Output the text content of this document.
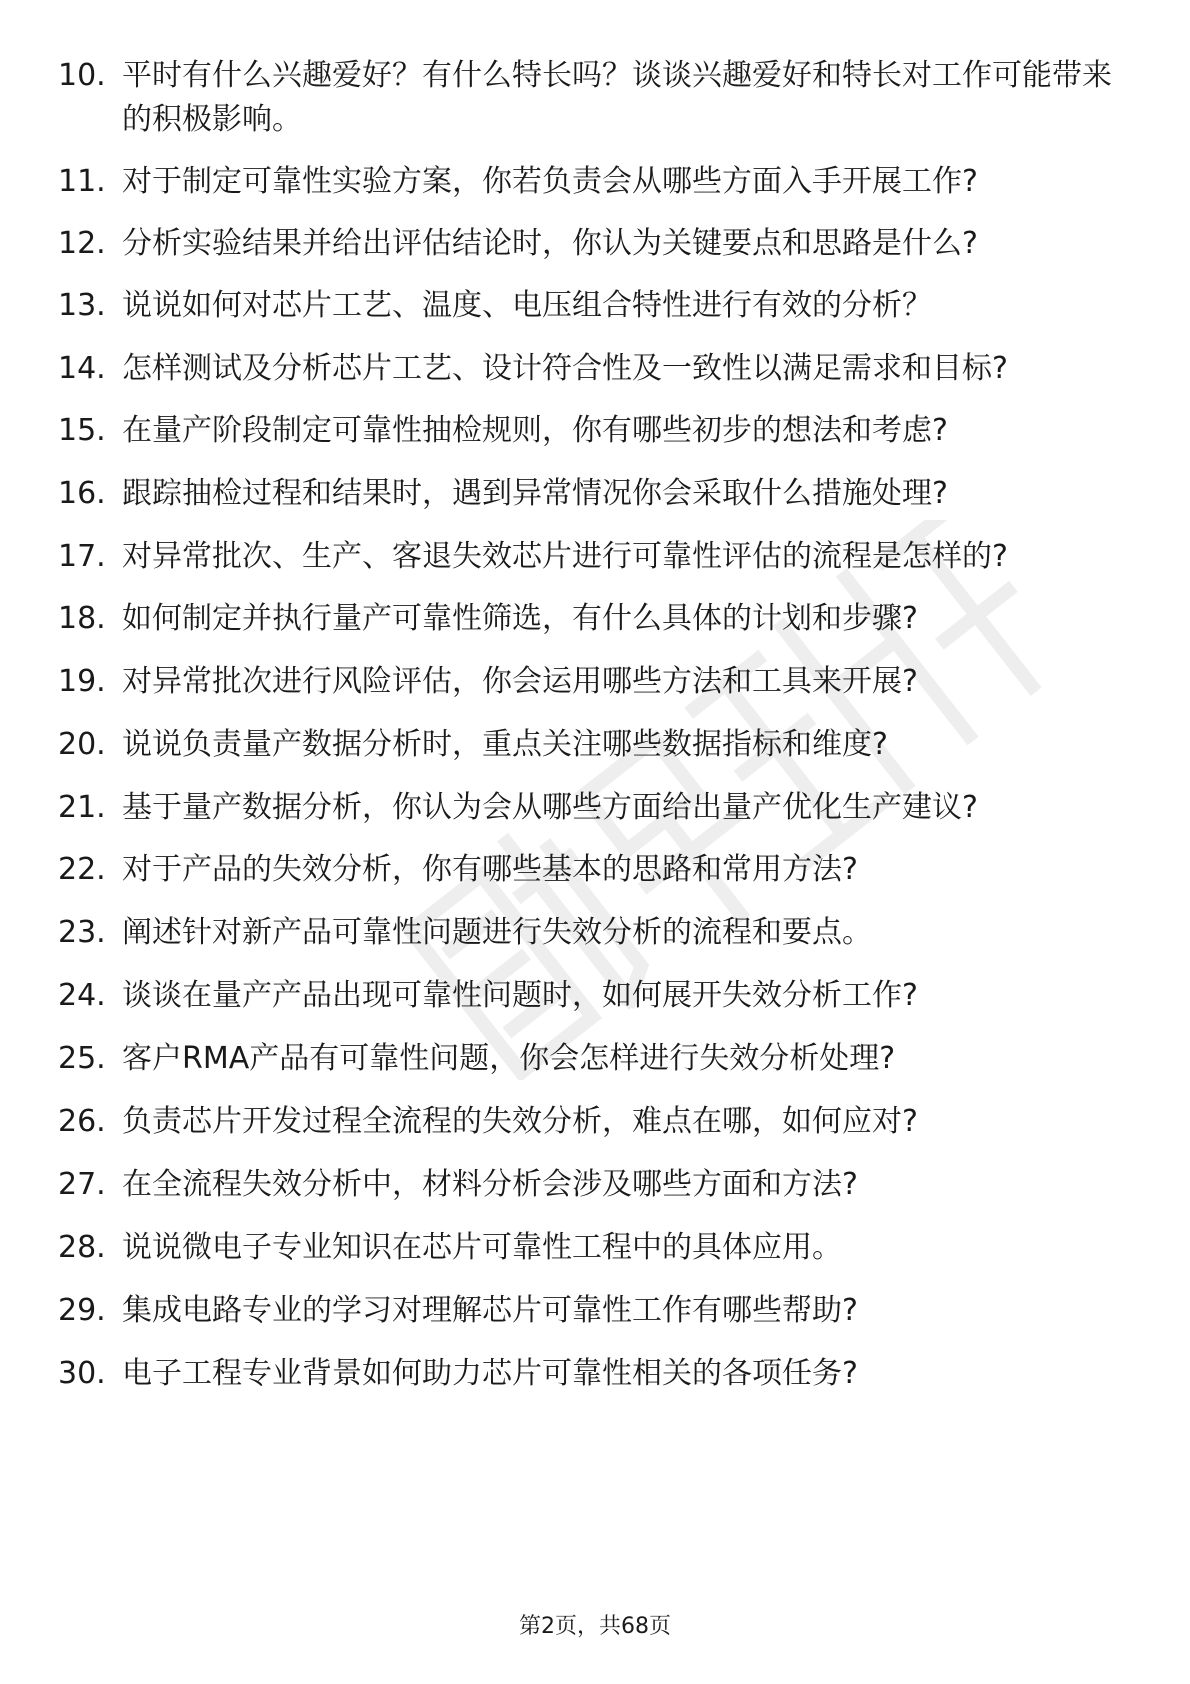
10. 平时有什么兴趣爱好？有什么特长吗？谈谈兴趣爱好和特长对工作可能带来的积极影响。
11. 对于制定可靠性实验方案，你若负责会从哪些方面入手开展工作?
12. 分析实验结果并给出评估结论时，你认为关键要点和思路是什么?
13. 说说如何对芯片工艺、温度、电压组合特性进行有效的分析？
14. 怎样测试及分析芯片工艺、设计符合性及一致性以满足需求和目标?
15. 在量产阶段制定可靠性抽检规则，你有哪些初步的想法和考虑?
16. 跟踪抽检过程和结果时，遇到异常情况你会采取什么措施处理?
17. 对异常批次、生产、客退失效芯片进行可靠性评估的流程是怎样的?
18. 如何制定并执行量产可靠性筛选，有什么具体的计划和步骤?
19. 对异常批次进行风险评估，你会运用哪些方法和工具来开展?
20. 说说负责量产数据分析时，重点关注哪些数据指标和维度?
21. 基于量产数据分析，你认为会从哪些方面给出量产优化生产建议?
22. 对于产品的失效分析，你有哪些基本的思路和常用方法?
23. 阐述针对新产品可靠性问题进行失效分析的流程和要点。
24. 谈谈在量产产品出现可靠性问题时，如何展开失效分析工作?
25. 客户RMA产品有可靠性问题，你会怎样进行失效分析处理?
26. 负责芯片开发过程全流程的失效分析，难点在哪，如何应对?
27. 在全流程失效分析中，材料分析会涉及哪些方面和方法?
28. 说说微电子专业知识在芯片可靠性工程中的具体应用。
29. 集成电路专业的学习对理解芯片可靠性工作有哪些帮助?
30. 电子工程专业背景如何助力芯片可靠性相关的各项任务?
第2页，共68页
